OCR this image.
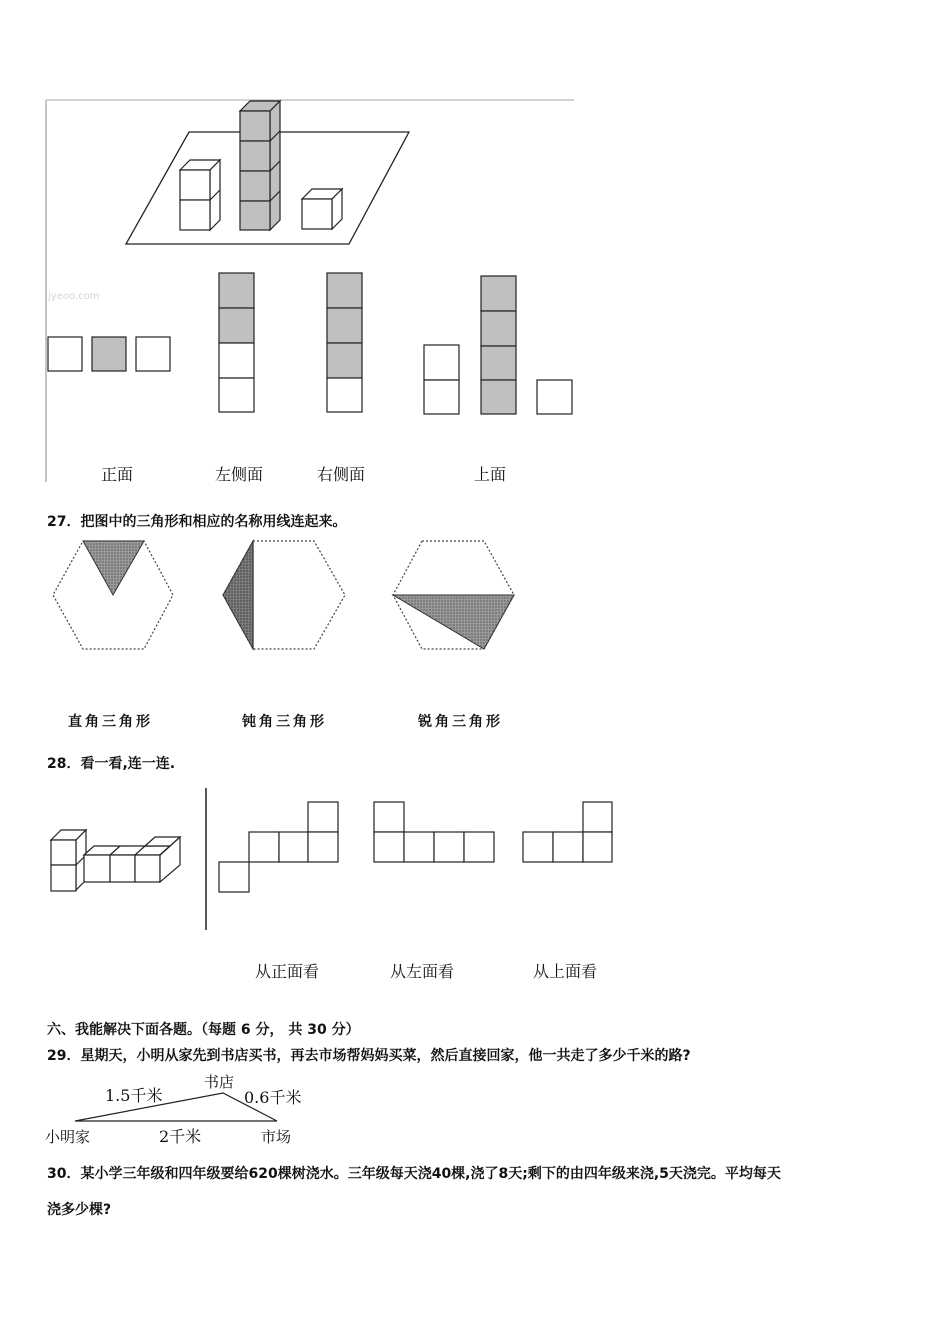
jyeoo.com
正面	左侧面	右侧面	上面
27．把图中的三角形和相应的名称用线连起来。
直角三角形	钝角三角形	锐角三角形
28．看一看,连一连.
从正面看	从左面看	从上面看
六、我能解决下面各题。（每题 6 分， 共 30 分）
29．星期天，小明从家先到书店买书，再去市场帮妈妈买菜，然后直接回家，他一共走了多少千米的路?
1.5千米
书店
0.6千米
小明家	2千米	市场
30．某小学三年级和四年级要给620棵树浇水。三年级每天浇40棵,浇了8天;剩下的由四年级来浇,5天浇完。平均每天
浇多少棵?
